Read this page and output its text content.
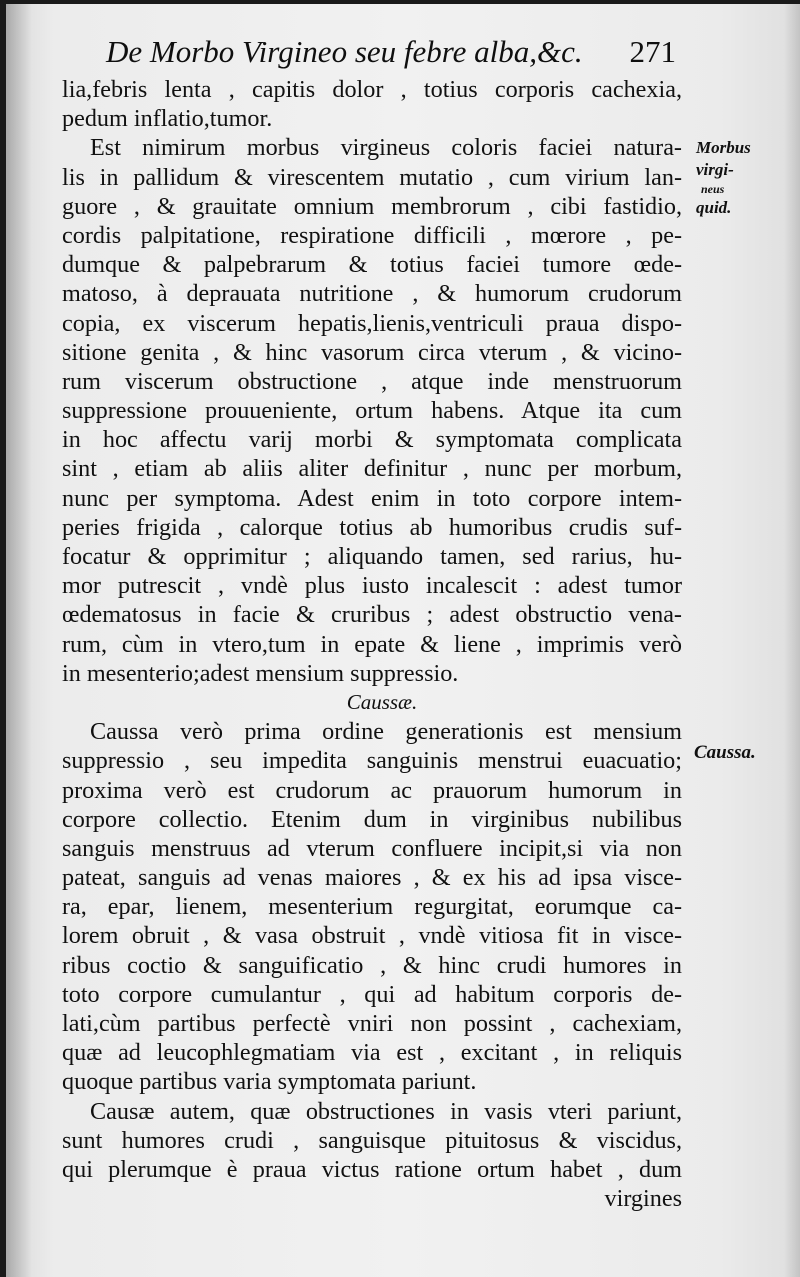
De Morbo Virgineo seu febre alba,&c. 271
lia,febris lenta , capitis dolor , totius corporis cachexia,
pedum inflatio,tumor.
Est nimirum morbus virgineus coloris faciei natura-
lis in pallidum & virescentem mutatio , cum virium lan-
guore , & grauitate omnium membrorum , cibi fastidio,
cordis palpitatione, respiratione difficili , mœrore , pe-
dumque & palpebrarum & totius faciei tumore œde-
matoso, à deprauata nutritione , & humorum crudorum
copia, ex viscerum hepatis,lienis,ventriculi praua dispo-
sitione genita , & hinc vasorum circa vterum , & vicino-
rum viscerum obstructione , atque inde menstruorum
suppressione prouueniente, ortum habens. Atque ita cum
in hoc affectu varij morbi & symptomata complicata
sint , etiam ab aliis aliter definitur , nunc per morbum,
nunc per symptoma. Adest enim in toto corpore intem-
peries frigida , calorque totius ab humoribus crudis suf-
focatur & opprimitur ; aliquando tamen, sed rarius, hu-
mor putrescit , vndè plus iusto incalescit : adest tumor
œdematosus in facie & cruribus ; adest obstructio vena-
rum, cùm in vtero,tum in epate & liene , imprimis verò
in mesenterio;adest mensium suppressio.
Caussæ.
Caussa verò prima ordine generationis est mensium
suppressio , seu impedita sanguinis menstrui euacuatio;
proxima verò est crudorum ac prauorum humorum in
corpore collectio. Etenim dum in virginibus nubilibus
sanguis menstruus ad vterum confluere incipit,si via non
pateat, sanguis ad venas maiores , & ex his ad ipsa visce-
ra, epar, lienem, mesenterium regurgitat, eorumque ca-
lorem obruit , & vasa obstruit , vndè vitiosa fit in visce-
ribus coctio & sanguificatio , & hinc crudi humores in
toto corpore cumulantur , qui ad habitum corporis de-
lati,cùm partibus perfectè vniri non possint , cachexiam,
quæ ad leucophlegmatiam via est , excitant , in reliquis
quoque partibus varia symptomata pariunt.
Causæ autem, quæ obstructiones in vasis vteri pariunt,
sunt humores crudi , sanguisque pituitosus & viscidus,
qui plerumque è praua victus ratione ortum habet , dum
virgines
Morbus
virgi-
neus
quid.
Caussa.
